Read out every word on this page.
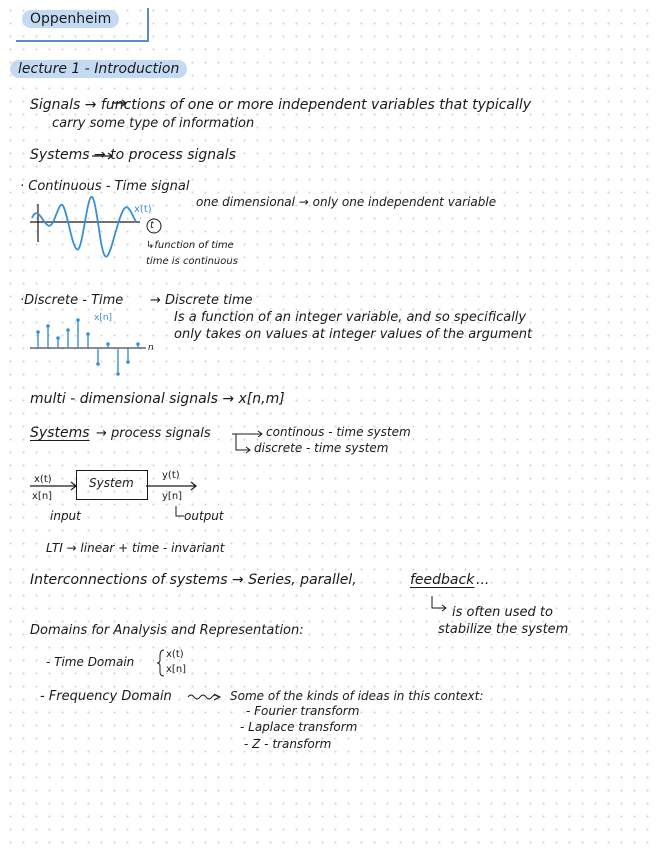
Oppenheim
lecture 1 - Introduction
Signals → functions of one or more independent variables that typically
carry some type of information
Systems → to process signals
· Continuous - Time signal
one dimensional → only one independent variable
x(t)
t
↳function of time
time is continuous
·Discrete - Time → Discrete time
Is a function of an integer variable, and so specifically
only takes on values at integer values of the argument
x[n]
n
multi - dimensional signals → x[n,m]
Systems → process signals	continous - time system
discrete - time system
System
x(t)
x[n]
input
y(t)
y[n]
output
LTI → linear + time - invariant
Interconnections of systems → Series, parallel,	feedback ...
is often used to
stabilize the system
Domains for Analysis and Representation:
- Time Domain
x(t)
x[n]
- Frequency Domain	Some of the kinds of ideas in this context:
- Fourier transform
- Laplace transform
- Z - transform
